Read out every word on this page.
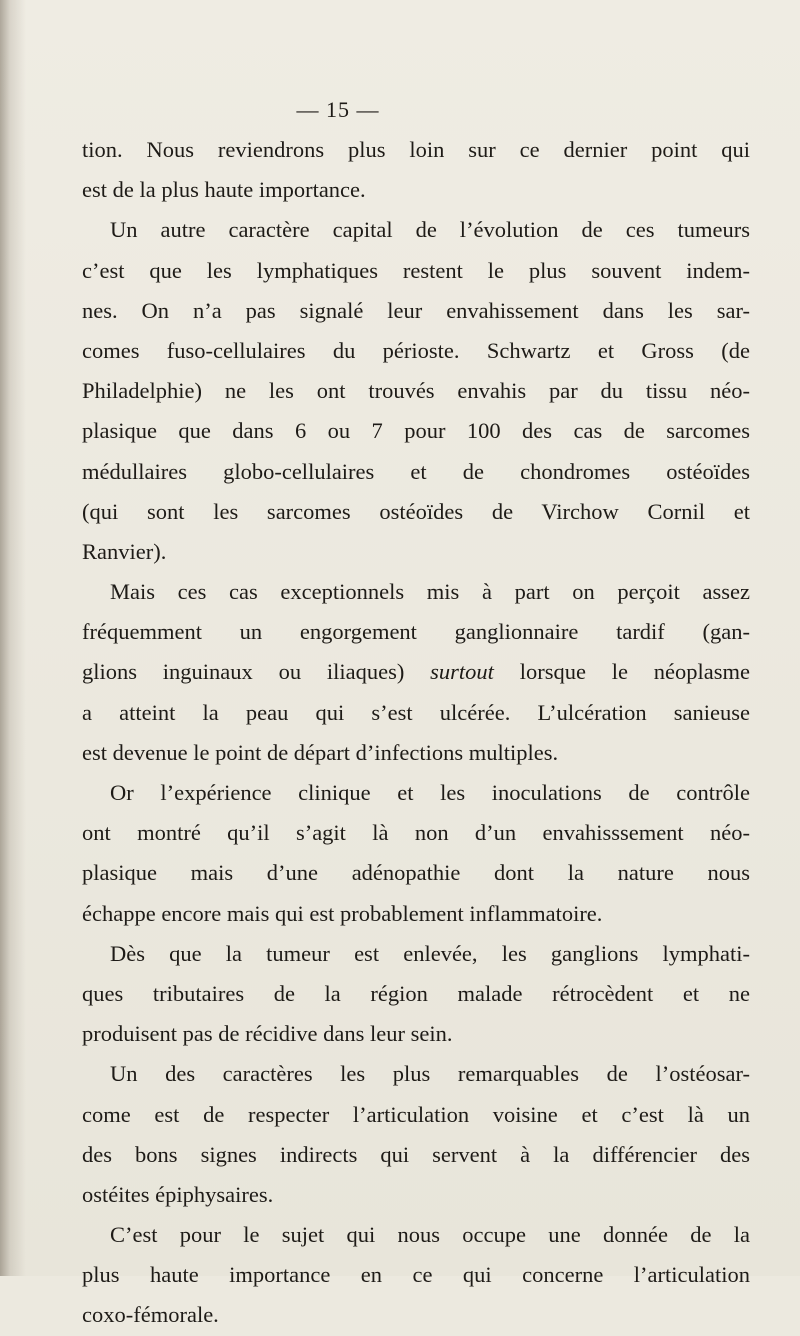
— 15 —
tion. Nous reviendrons plus loin sur ce dernier point qui
est de la plus haute importance.
Un autre caractère capital de l’évolution de ces tumeurs
c’est que les lymphatiques restent le plus souvent indem-
nes. On n’a pas signalé leur envahissement dans les sar-
comes fuso-cellulaires du périoste. Schwartz et Gross (de
Philadelphie) ne les ont trouvés envahis par du tissu néo-
plasique que dans 6 ou 7 pour 100 des cas de sarcomes
médullaires globo-cellulaires et de chondromes ostéoïdes
(qui sont les sarcomes ostéoïdes de Virchow Cornil et
Ranvier).
Mais ces cas exceptionnels mis à part on perçoit assez
fréquemment un engorgement ganglionnaire tardif (gan-
glions inguinaux ou iliaques) surtout lorsque le néoplasme
a atteint la peau qui s’est ulcérée. L’ulcération sanieuse
est devenue le point de départ d’infections multiples.
Or l’expérience clinique et les inoculations de contrôle
ont montré qu’il s’agit là non d’un envahisssement néo-
plasique mais d’une adénopathie dont la nature nous
échappe encore mais qui est probablement inflammatoire.
Dès que la tumeur est enlevée, les ganglions lymphati-
ques tributaires de la région malade rétrocèdent et ne
produisent pas de récidive dans leur sein.
Un des caractères les plus remarquables de l’ostéosar-
come est de respecter l’articulation voisine et c’est là un
des bons signes indirects qui servent à la différencier des
ostéites épiphysaires.
C’est pour le sujet qui nous occupe une donnée de la
plus haute importance en ce qui concerne l’articulation
coxo-fémorale.
